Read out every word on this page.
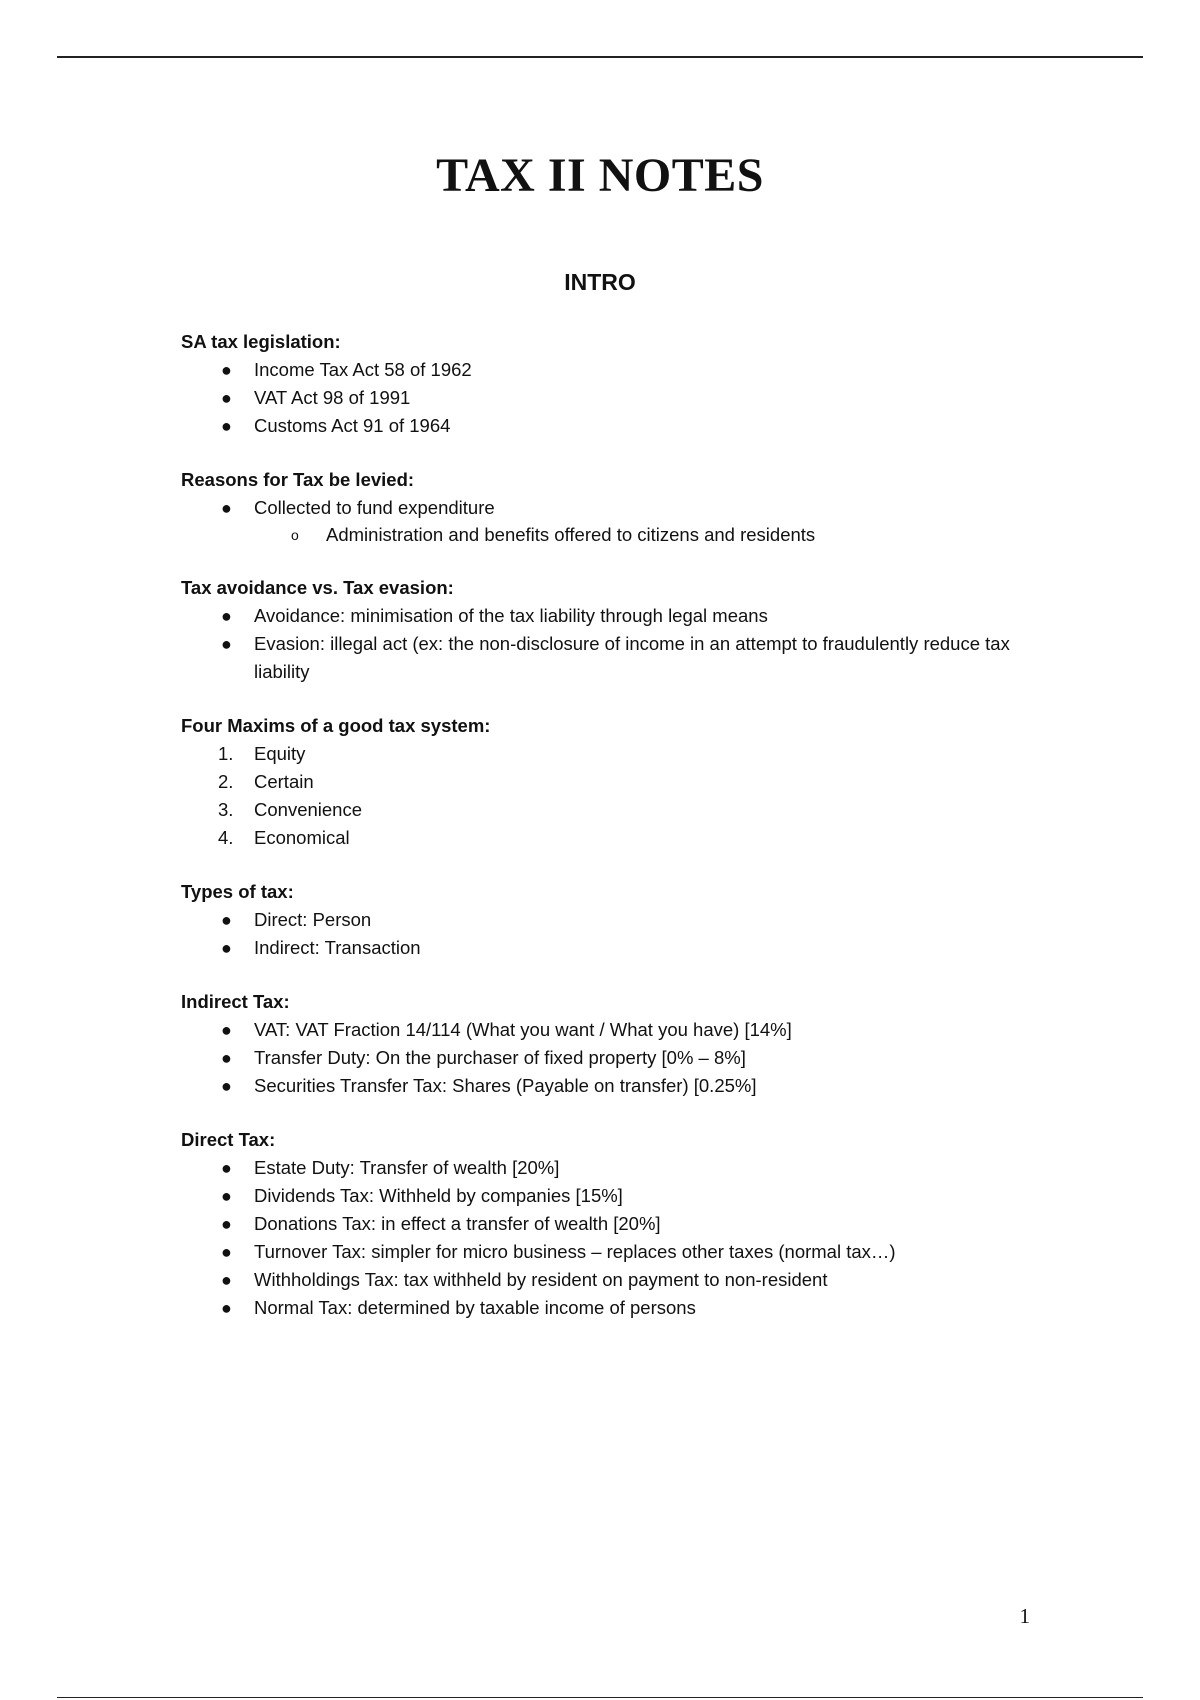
TAX II NOTES
INTRO
SA tax legislation:
●	Income Tax Act 58 of 1962
●	VAT Act 98 of 1991
●	Customs Act 91 of 1964
Reasons for Tax be levied:
●	Collected to fund expenditure
o Administration and benefits offered to citizens and residents
Tax avoidance vs. Tax evasion:
●	Avoidance: minimisation of the tax liability through legal means
●	Evasion: illegal act (ex: the non-disclosure of income in an attempt to fraudulently reduce tax liability
Four Maxims of a good tax system:
1.	Equity
2.	Certain
3.	Convenience
4.	Economical
Types of tax:
●	Direct: Person
●	Indirect: Transaction
Indirect Tax:
●	VAT: VAT Fraction 14/114 (What you want / What you have) [14%]
●	Transfer Duty: On the purchaser of fixed property [0% – 8%]
●	Securities Transfer Tax: Shares (Payable on transfer) [0.25%]
Direct Tax:
●	Estate Duty: Transfer of wealth [20%]
●	Dividends Tax: Withheld by companies [15%]
●	Donations Tax: in effect a transfer of wealth [20%]
●	Turnover Tax: simpler for micro business – replaces other taxes (normal tax…)
●	Withholdings Tax: tax withheld by resident on payment to non-resident
●	Normal Tax: determined by taxable income of persons
1
